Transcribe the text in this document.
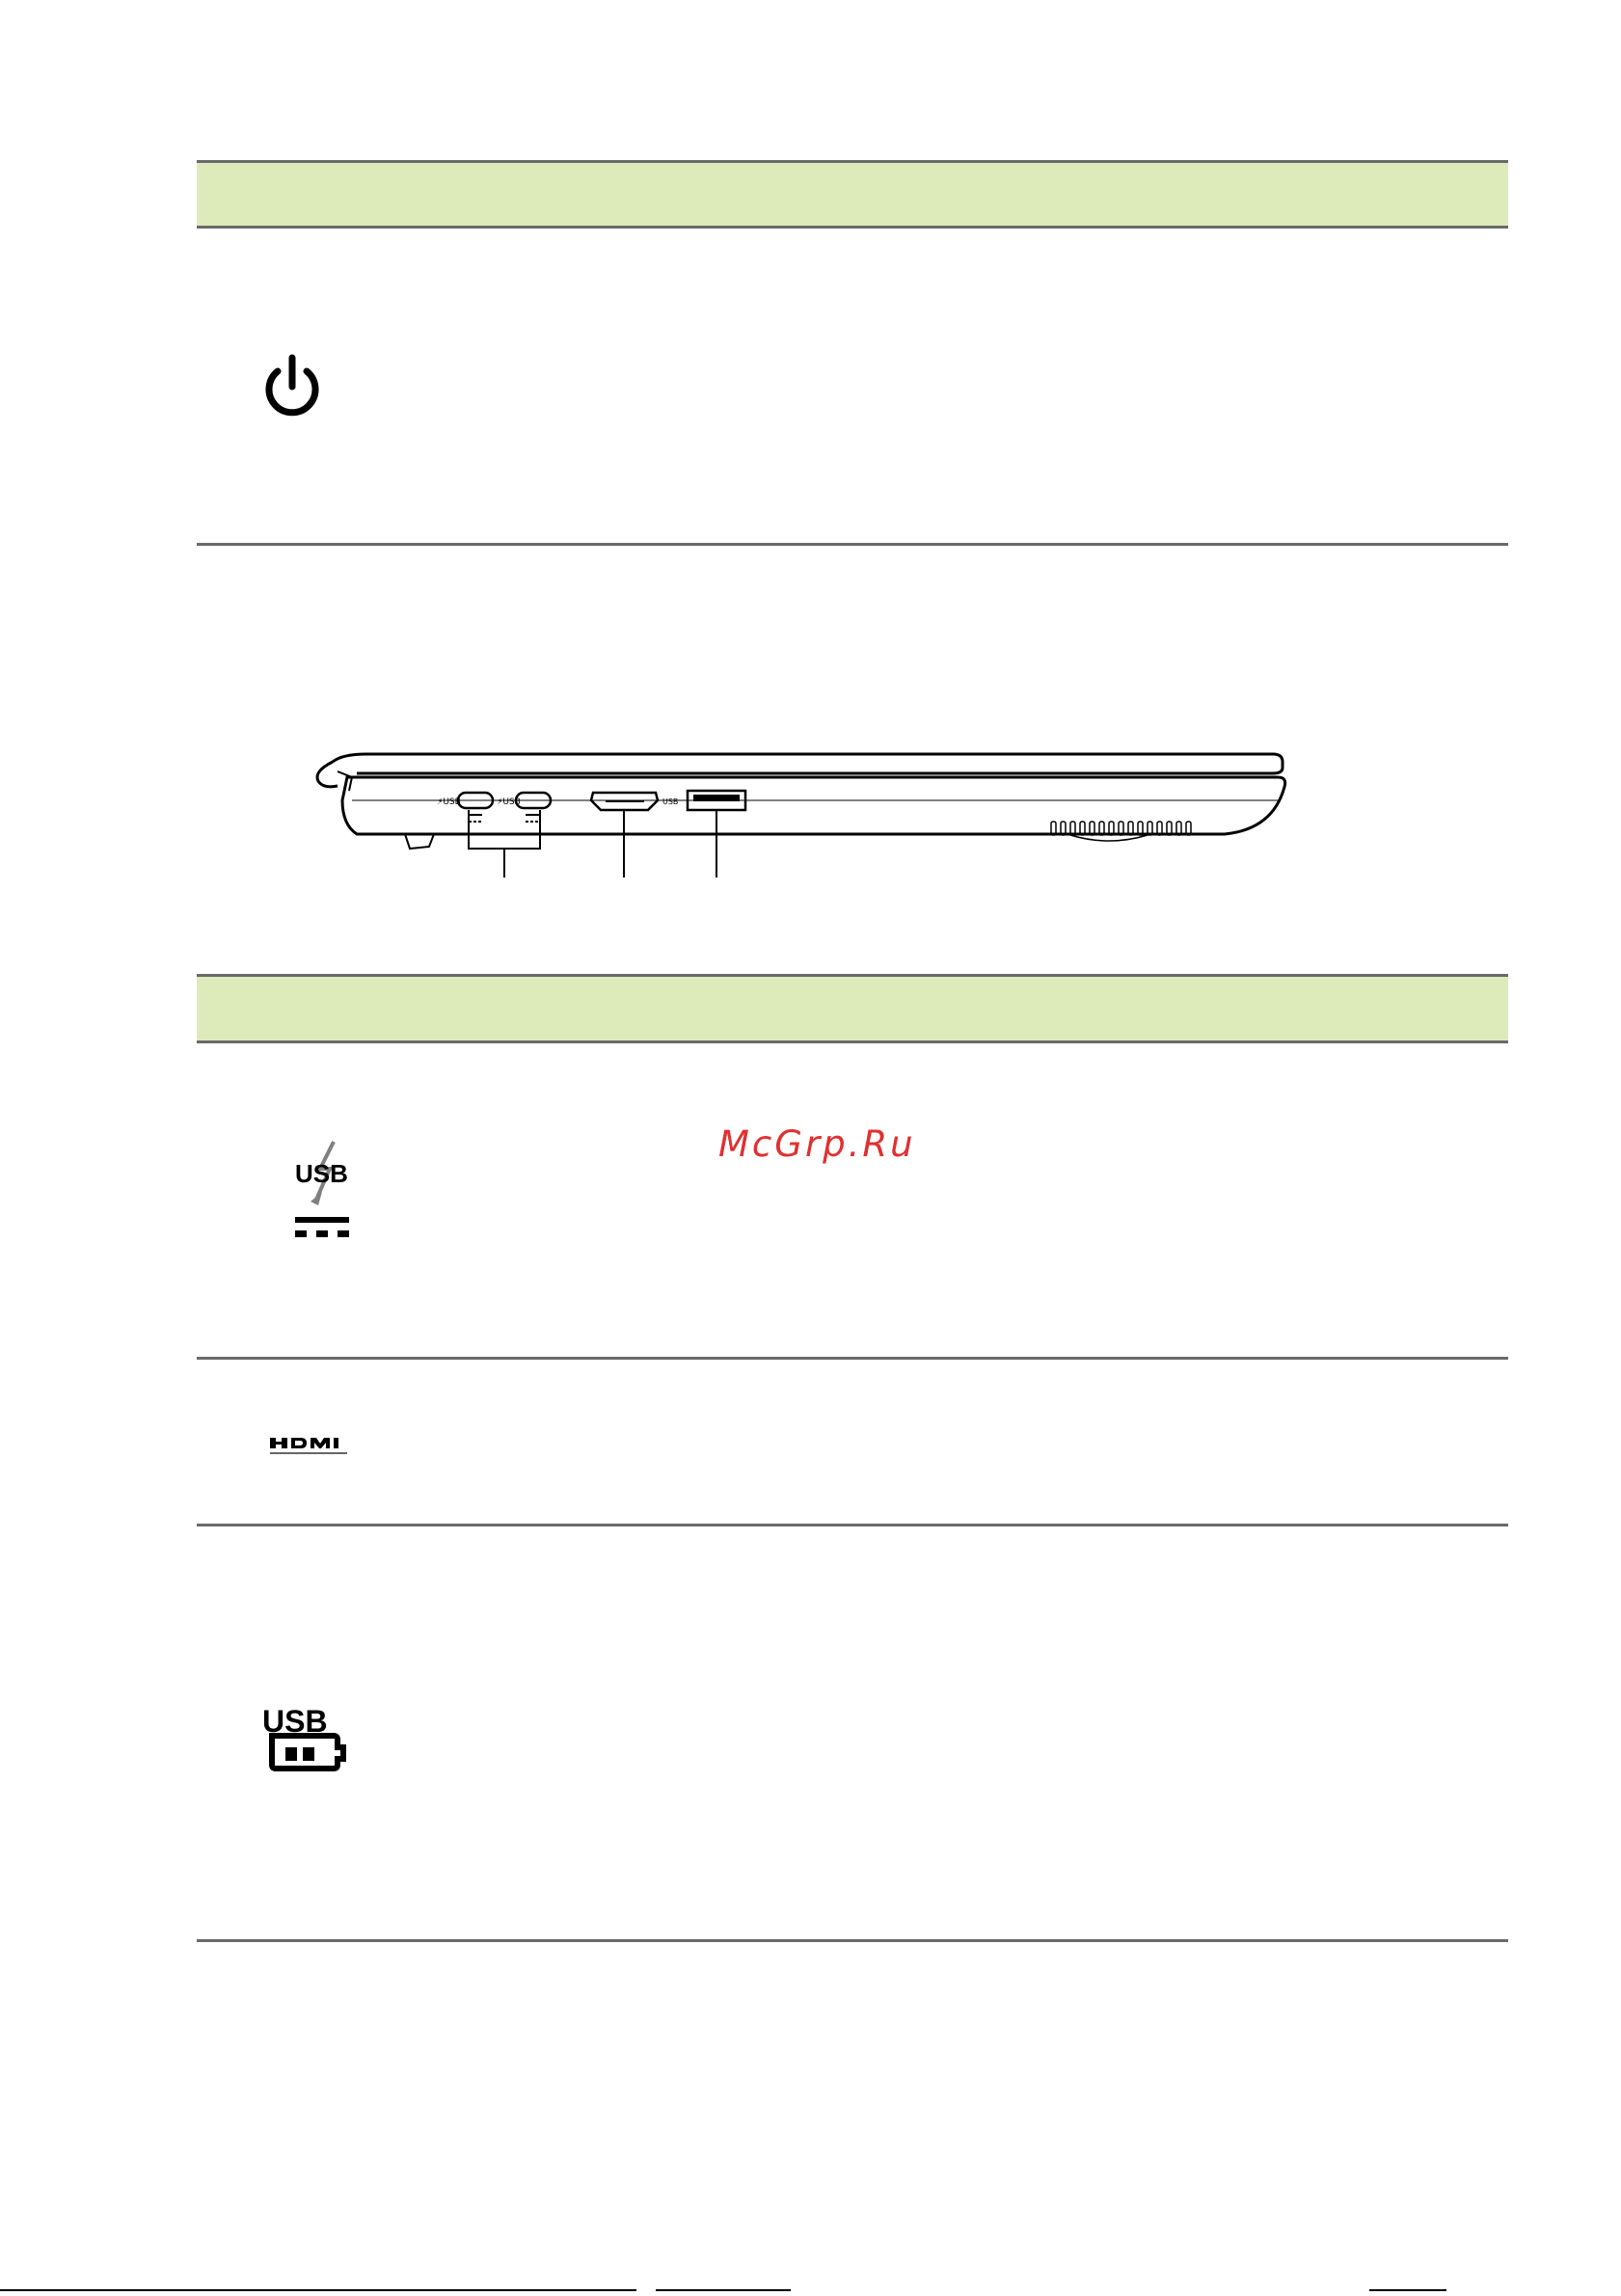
⚡USB	⚡USB	USB
USB
USB
McGrp.Ru
